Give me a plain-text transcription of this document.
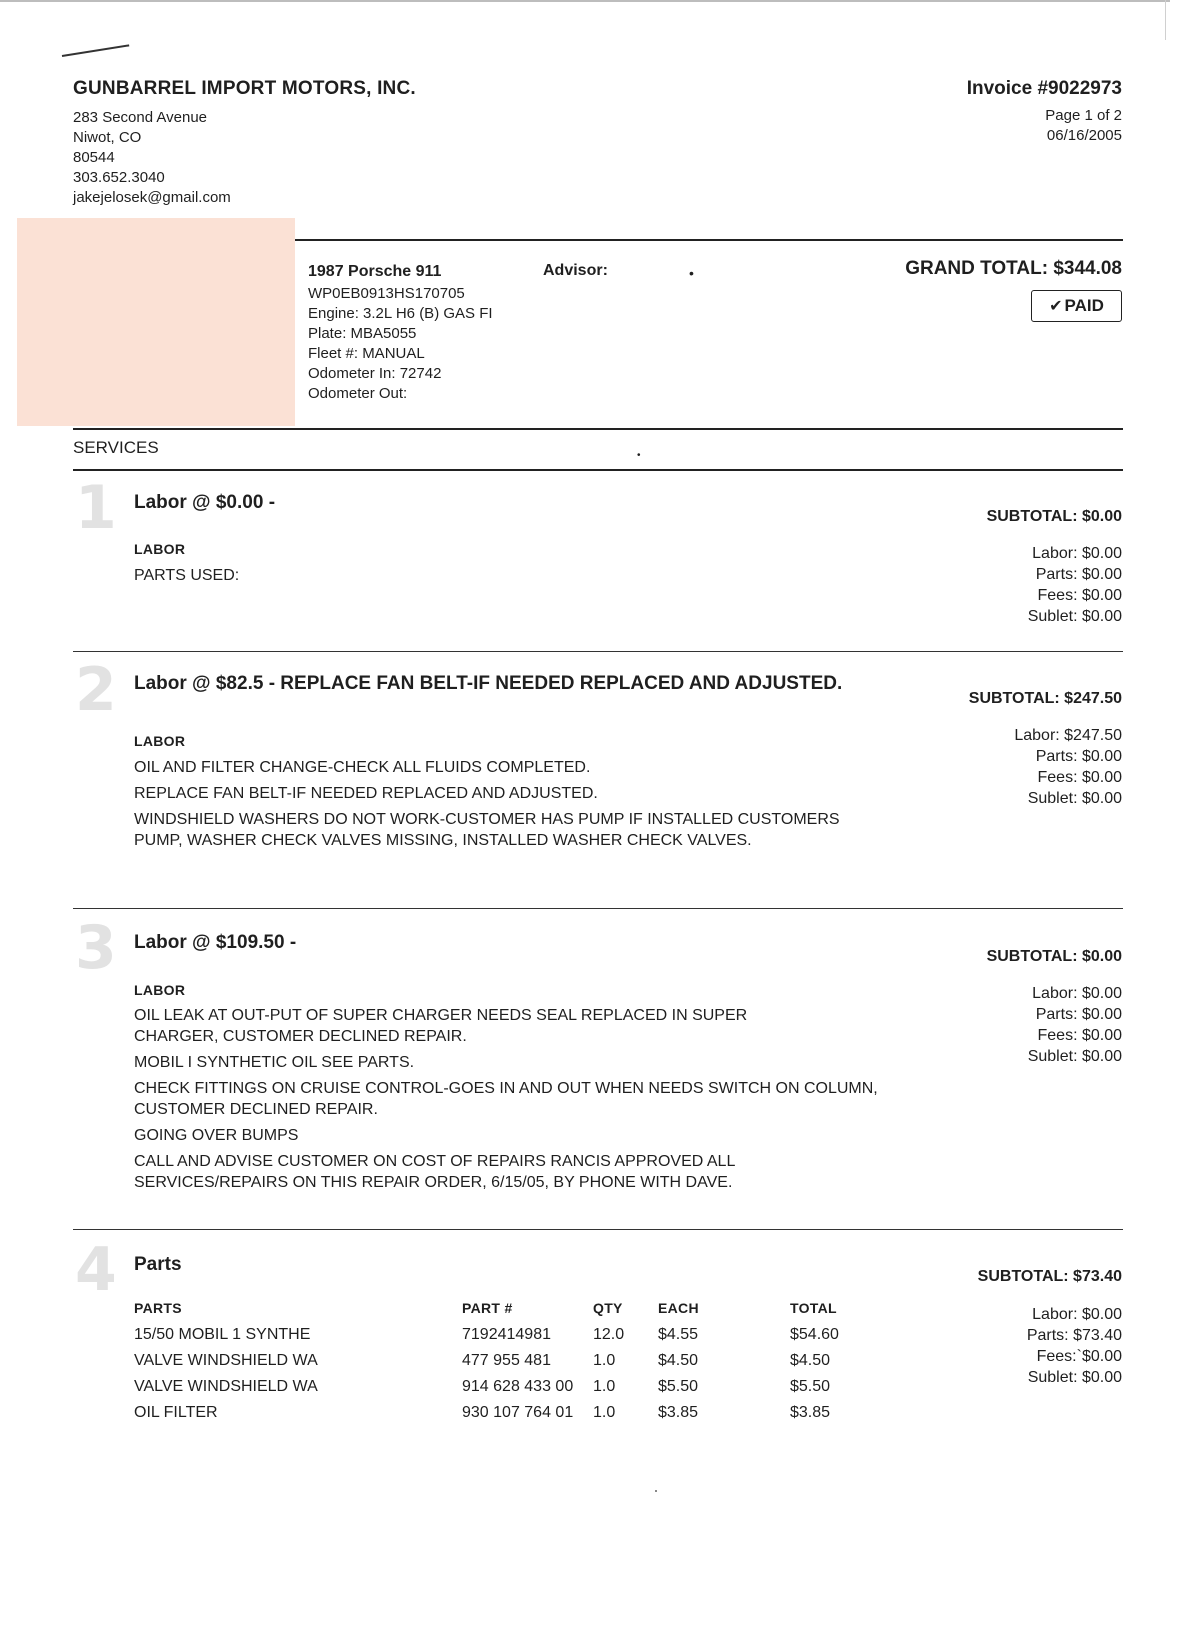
GUNBARREL IMPORT MOTORS, INC.
283 Second Avenue
Niwot, CO
80544
303.652.3040
jakejelosek@gmail.com
Invoice #9022973
Page 1 of 2
06/16/2005
1987 Porsche 911
WP0EB0913HS170705
Engine: 3.2L H6 (B) GAS FI
Plate: MBA5055
Fleet #: MANUAL
Odometer In: 72742
Odometer Out:
Advisor:	•	GRAND TOTAL: $344.08
✔ PAID
SERVICES	•
1 Labor @ $0.00 -
SUBTOTAL: $0.00
LABOR
PARTS USED:
Labor: $0.00
Parts: $0.00
Fees: $0.00
Sublet: $0.00
2 Labor @ $82.5 - REPLACE FAN BELT-IF NEEDED REPLACED AND ADJUSTED.
SUBTOTAL: $247.50
LABOR
OIL AND FILTER CHANGE-CHECK ALL FLUIDS COMPLETED.
REPLACE FAN BELT-IF NEEDED REPLACED AND ADJUSTED.
WINDSHIELD WASHERS DO NOT WORK-CUSTOMER HAS PUMP IF INSTALLED CUSTOMERS PUMP, WASHER CHECK VALVES MISSING, INSTALLED WASHER CHECK VALVES.
Labor: $247.50
Parts: $0.00
Fees: $0.00
Sublet: $0.00
3 Labor @ $109.50 -
SUBTOTAL: $0.00
LABOR
OIL LEAK AT OUT-PUT OF SUPER CHARGER NEEDS SEAL REPLACED IN SUPER CHARGER, CUSTOMER DECLINED REPAIR.
MOBIL I SYNTHETIC OIL SEE PARTS.
CHECK FITTINGS ON CRUISE CONTROL-GOES IN AND OUT WHEN NEEDS SWITCH ON COLUMN, CUSTOMER DECLINED REPAIR.
GOING OVER BUMPS
CALL AND ADVISE CUSTOMER ON COST OF REPAIRS RANCIS APPROVED ALL SERVICES/REPAIRS ON THIS REPAIR ORDER, 6/15/05, BY PHONE WITH DAVE.
Labor: $0.00
Parts: $0.00
Fees: $0.00
Sublet: $0.00
4 Parts
SUBTOTAL: $73.40
PARTS	PART #	QTY	EACH	TOTAL
15/50 MOBIL 1 SYNTHE	7192414981	12.0	$4.55	$54.60
VALVE WINDSHIELD WA	477 955 481	1.0	$4.50	$4.50
VALVE WINDSHIELD WA	914 628 433 00	1.0	$5.50	$5.50
OIL FILTER	930 107 764 01	1.0	$3.85	$3.85
Labor: $0.00
Parts: $73.40
Fees:`$0.00
Sublet: $0.00
